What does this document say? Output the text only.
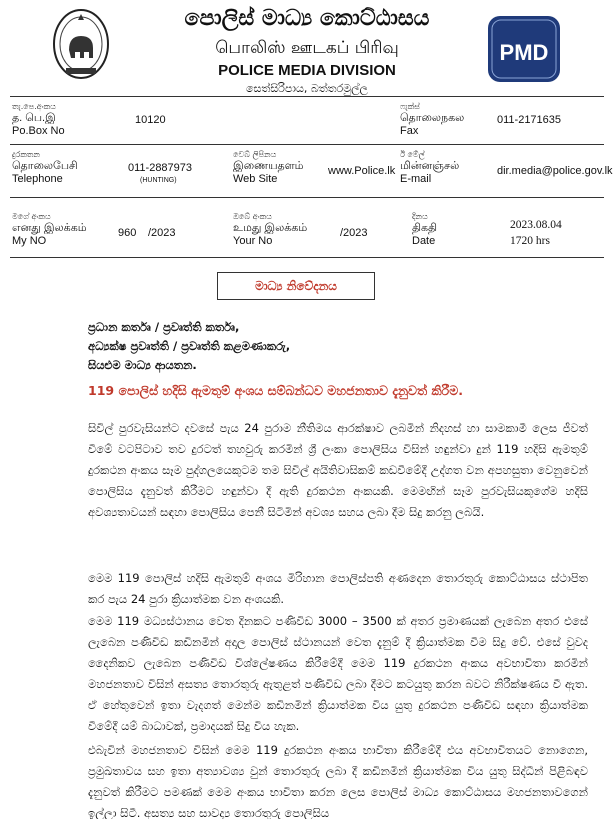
පොලිස් මාධ්‍ය කොට්ඨාසය
பொலிஸ் ஊடகப் பிரிவு
POLICE MEDIA DIVISION
සෙත්සිරිපාය, බත්තරමුල්ල
PMD
තැ.පෙ.අංකය
த. பெ.இ
Po.Box No
10120
ෆැක්ස්
தொலைநகல
Fax
011-2171635
දුරකතන
தொலைபேசி
Telephone
011-2887973
(HUNTING)
වෙබ් ලිපිනය
இணையதளம்
Web Site
www.Police.lk
ඊ මේල්
மின்னஞ்சல்
E-mail
dir.media@police.gov.lk
මගේ අංකය
எனது இலக்கம்
My NO
960 /2023
ඔබේ අංකය
உமது இலக்கம்
Your No
/2023
දිනය
திகதி
Date
2023.08.04
1720 hrs
මාධ්‍ය නිවේදනය
ප්‍රධාන කර්තෘ / ප්‍රවෘත්ති කර්තෘ,
අධ්‍යක්ෂ ප්‍රවෘත්ති / ප්‍රවෘත්ති කළමණාකරු,
සියළුම මාධ්‍ය ආයතන.
119 පොලිස් හදිසි ඇමතුම් අංශය සම්බන්ධව මහජනතාව දැනුවත් කිරීම.
සිවිල් පුරවැසියන්ට දවසේ පැය 24 පුරාම නීතිමය ආරක්ෂාව ලබමින් නිදහස් හා සාමකාමී ලෙස ජීවත් වීමේ වටපිටාව තව දුරටත් තහවුරු කරමින් ශ්‍රී ලංකා පොලිසිය විසින් හඳුන්වා දුන් 119 හදිසි ඇමතුම් දුරකථන අංකය සෑම පුද්ගලයෙකුටම තම සිවිල් අයිතිවාසිකම් කඩවීමේදී උද්ගත වන අපහසුතා වෙනුවෙන් පොලිසිය දැනුවත් කිරීමට හඳුන්වා දී ඇති දුරකථන අංකයකි. මෙමඟින් සෑම පුරවැසියකුගේම හදිසි අවශ්‍යතාවයන් සඳහා පොලිසිය පෙනී සිටිමින් අවශ්‍ය සහය ලබා දීම සිදු කරනු ලබයි.
මෙම 119 පොලිස් හදිසි ඇමතුම් අංශය මිරිහාන පොලිස්පති අණදෙන තොරතුරු කොට්ඨාසය ස්ථාපිත කර පැය 24 පුරා ක්‍රියාත්මක වන අංශයකි.
මෙම 119 මධ්‍යස්ථානය වෙත දිනකට පණිවිඩ 3000 – 3500 ක් අතර ප්‍රමාණයක් ලැබෙන අතර එසේ ලැබෙන පණිවිඩ කඩිනමින් අදාල පොලිස් ස්ථානයන් වෙත දැනුම් දී ක්‍රියාත්මක වීම සිදු වේ. එසේ වුවද දෛනිකව ලැබෙන පණිවිඩ විශ්ලේෂණය කිරීමේදී මෙම 119 දුරකථන අංකය අවභාවිතා කරමින් මහජනතාව විසින් අසත්‍ය තොරතුරු ඇතුළත් පණිවිඩ ලබා දීමට කටයුතු කරන බවට නිරීක්ෂණය වී ඇත. ඒ හේතුවෙන් ඉතා වැදගත් මෙන්ම කඩිනමින් ක්‍රියාත්මක විය යුතු දුරකථන පණිවිඩ සඳහා ක්‍රියාත්මක වීමේදී යම් බාධාවක්, ප්‍රමාදයක් සිදු විය හැක.
එබැවින් මහජනතාව විසින් මෙම 119 දුරකථන අංකය භාවිතා කිරීමේදී එය අවභාවිතයට නොගෙන, ප්‍රමුඛතාවය සහ ඉතා අත්‍යාවශ්‍ය වුන් තොරතුරු ලබා දී කඩිනමින් ක්‍රියාත්මක විය යුතු සිද්ධීන් පිළිබඳව දැනුවත් කිරීමට පමණක් මෙම අංකය භාවිතා කරන ලෙස පොලිස් මාධ්‍ය කොට්ඨාසය මහජනතාවගෙන් ඉල්ලා සිටී. අසත්‍ය සහ සාවද්‍ය තොරතුරු පොලිසිය
